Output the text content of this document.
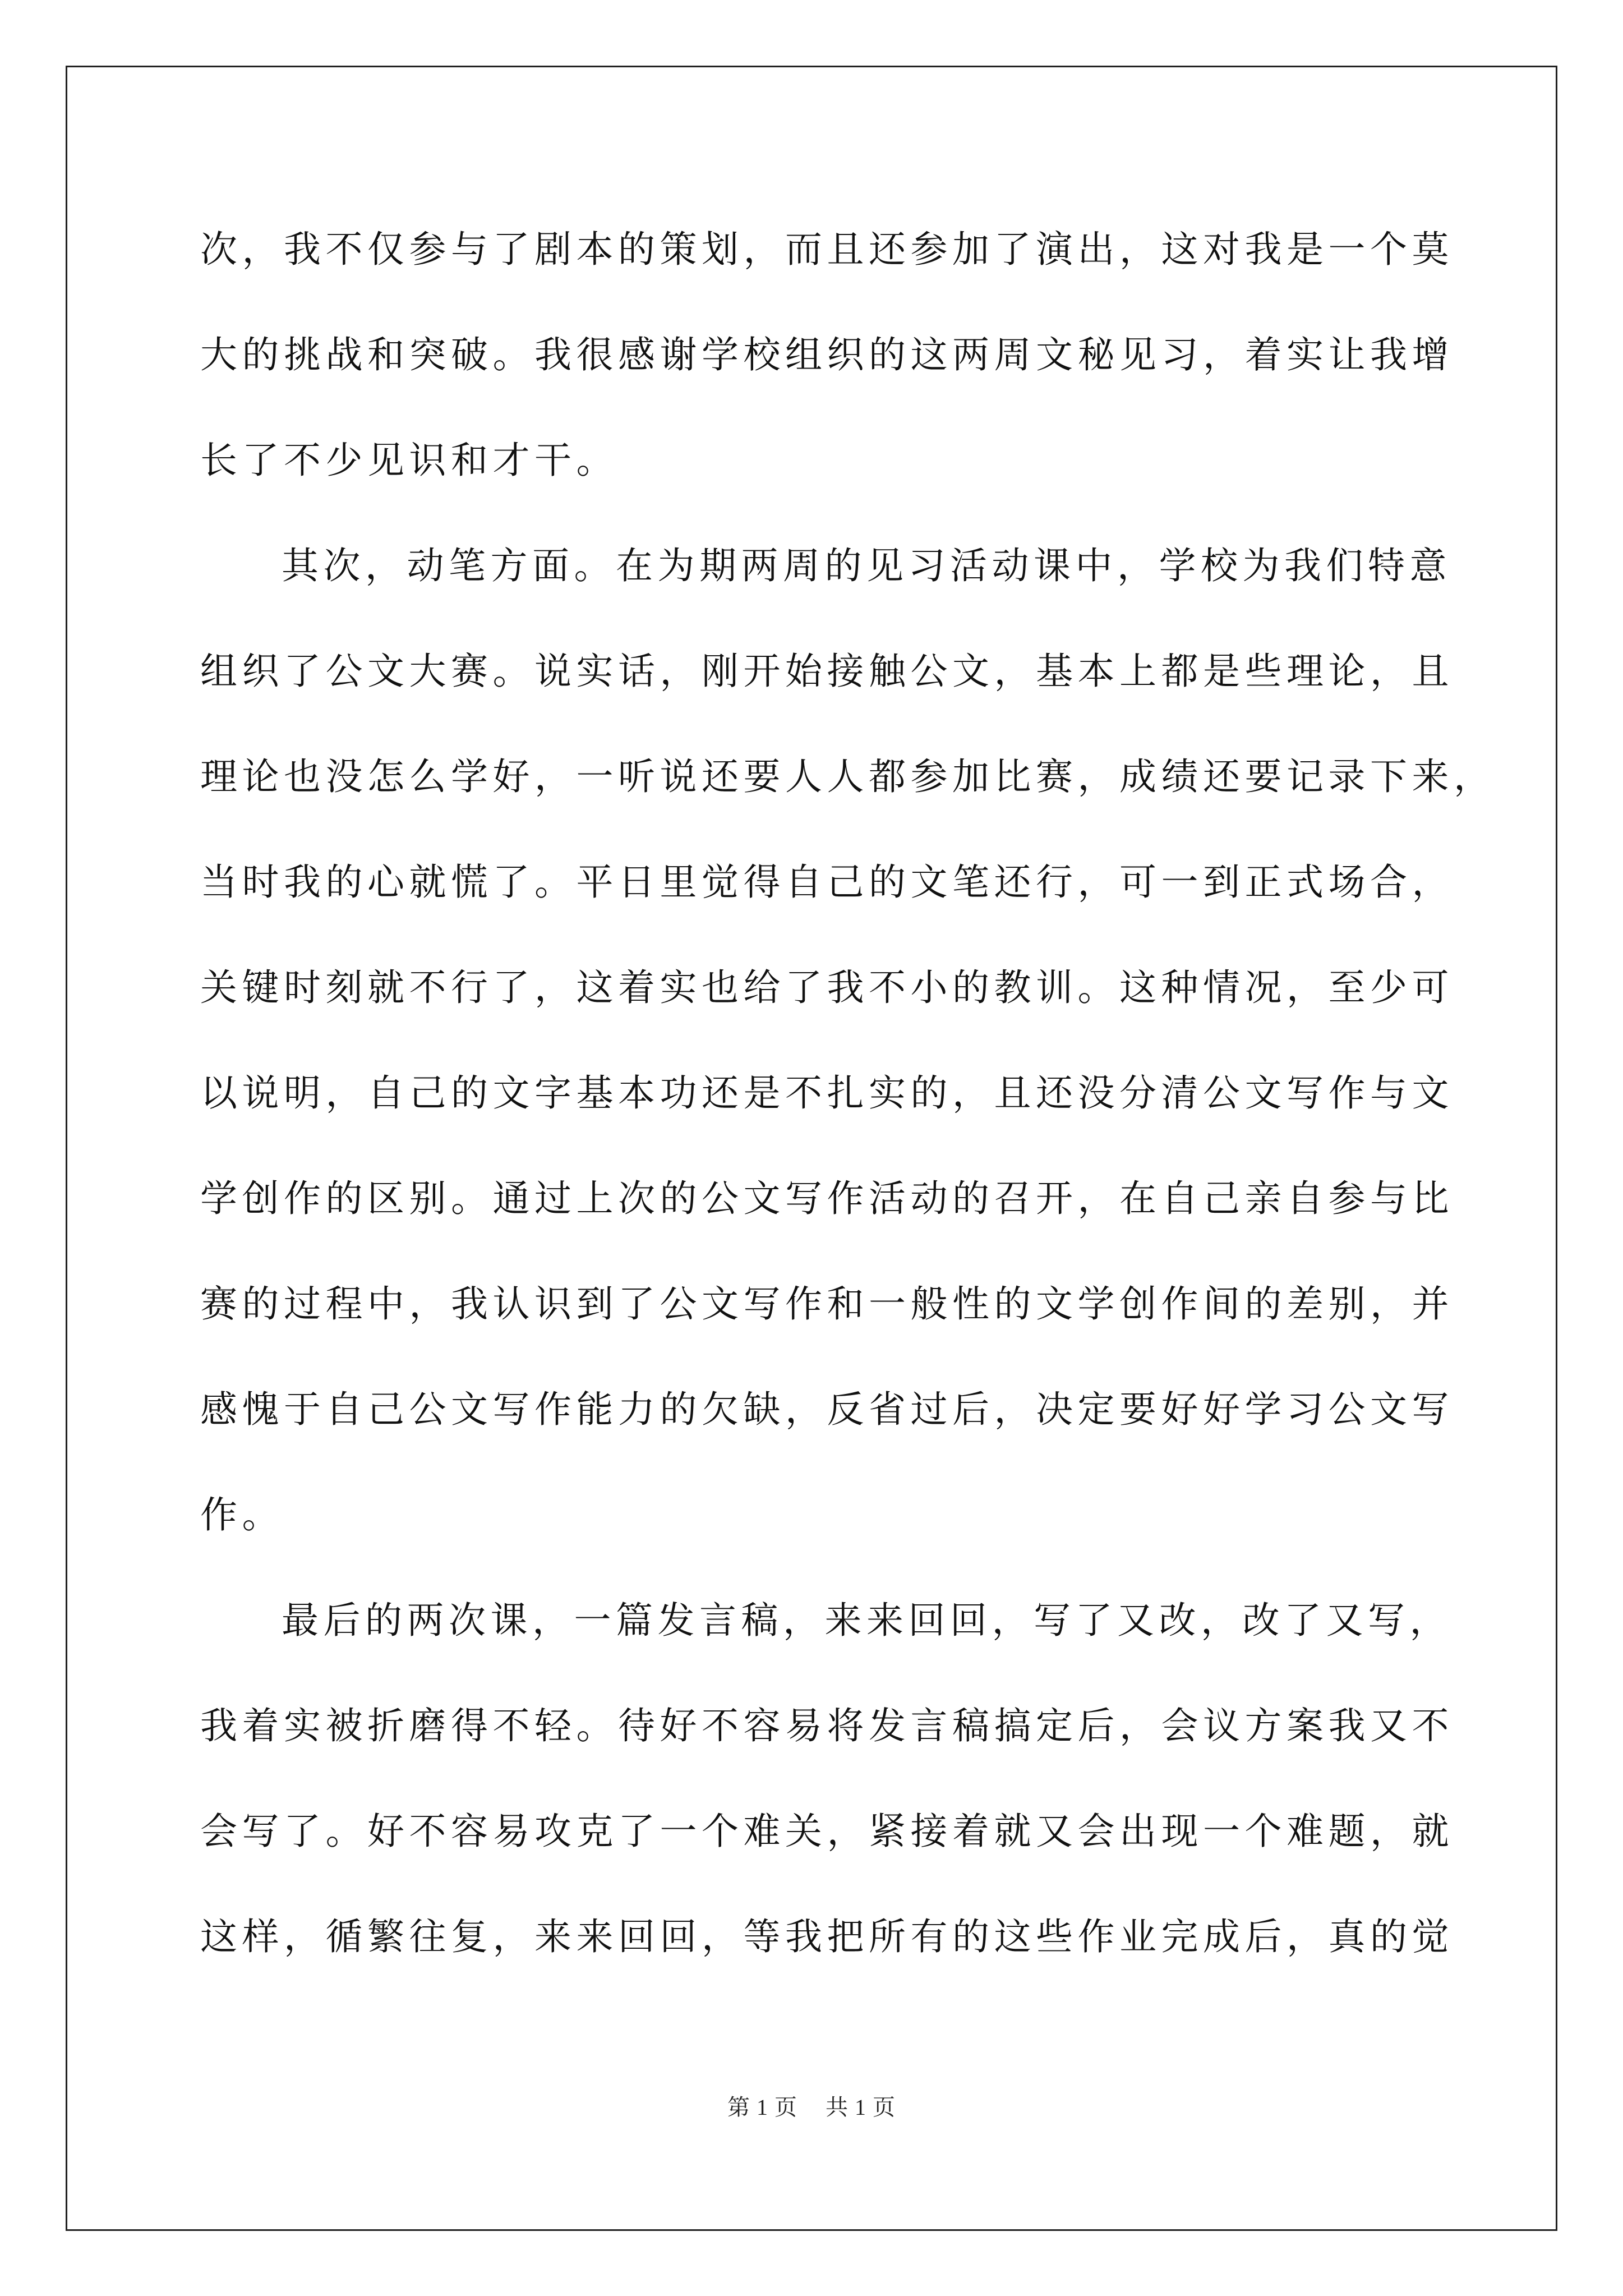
次，我不仅参与了剧本的策划，而且还参加了演出，这对我是一个莫
大的挑战和突破。我很感谢学校组织的这两周文秘见习，着实让我增
长了不少见识和才干。
其次，动笔方面。在为期两周的见习活动课中，学校为我们特意
组织了公文大赛。说实话，刚开始接触公文，基本上都是些理论，且
理论也没怎么学好，一听说还要人人都参加比赛，成绩还要记录下来，
当时我的心就慌了。平日里觉得自己的文笔还行，可一到正式场合，
关键时刻就不行了，这着实也给了我不小的教训。这种情况，至少可
以说明，自己的文字基本功还是不扎实的，且还没分清公文写作与文
学创作的区别。通过上次的公文写作活动的召开，在自己亲自参与比
赛的过程中，我认识到了公文写作和一般性的文学创作间的差别，并
感愧于自己公文写作能力的欠缺，反省过后，决定要好好学习公文写
作。
最后的两次课，一篇发言稿，来来回回，写了又改，改了又写，
我着实被折磨得不轻。待好不容易将发言稿搞定后，会议方案我又不
会写了。好不容易攻克了一个难关，紧接着就又会出现一个难题，就
这样，循繁往复，来来回回，等我把所有的这些作业完成后，真的觉
第 1 页 共 1 页
